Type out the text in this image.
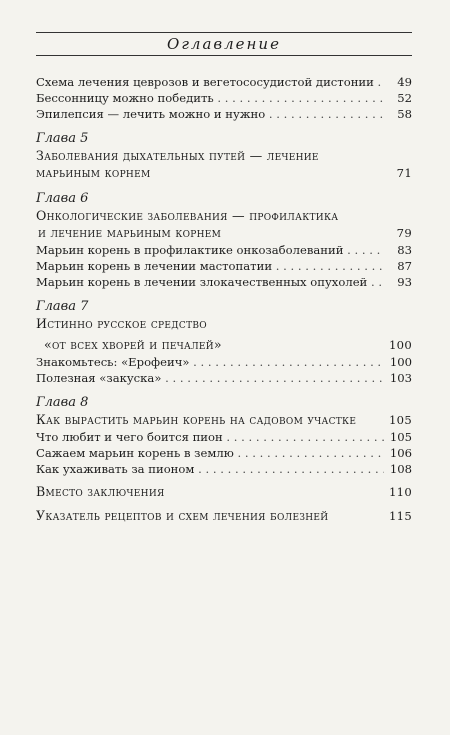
Оглавление
Схема лечения цеврозов и вегетососудистой дистонии . . .	49
Бессонницу можно победить . . .	52
Эпилепсия — лечить можно и нужно . . .	58
Глава 5
Заболевания дыхательных путей — лечение
марьиным корнем	71
Глава 6
Онкологические заболевания — профилактика
и лечение марьиным корнем	79
Марьин корень в профилактике онкозаболеваний . . .	83
Марьин корень в лечении мастопатии . . .	87
Марьин корень в лечении злокачественных опухолей . . .	93
Глава 7
Истинно русское средство
«от всех хворей и печалей»	100
Знакомьтесь: «Ерофеич» . . .	100
Полезная «закуска» . . .	103
Глава 8
Как вырастить марьин корень на садовом участке	105
Что любит и чего боится пион . . .	105
Сажаем марьин корень в землю . . .	106
Как ухаживать за пионом . . .	108
Вместо заключения	110
Указатель рецептов и схем лечения болезней	115
